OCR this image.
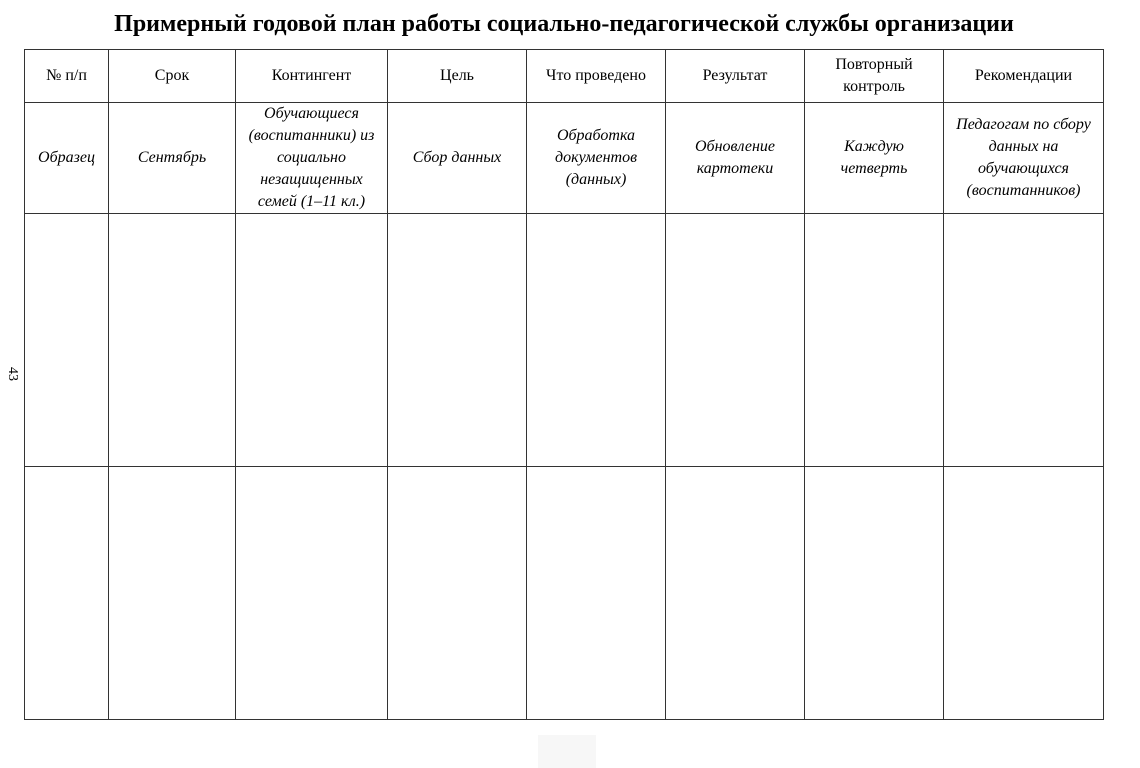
Примерный годовой план работы социально-педагогической службы организации
43
№ п/п	Срок	Контингент	Цель	Что проведено	Результат	Повторный контроль	Рекомендации
Образец	Сентябрь	Обучающиеся (воспитанники) из социально незащищенных семей (1–11 кл.)	Сбор данных	Обработка документов (данных)	Обновление картотеки	Каждую четверть	Педагогам по сбору данных на обучающихся (воспитанников)
